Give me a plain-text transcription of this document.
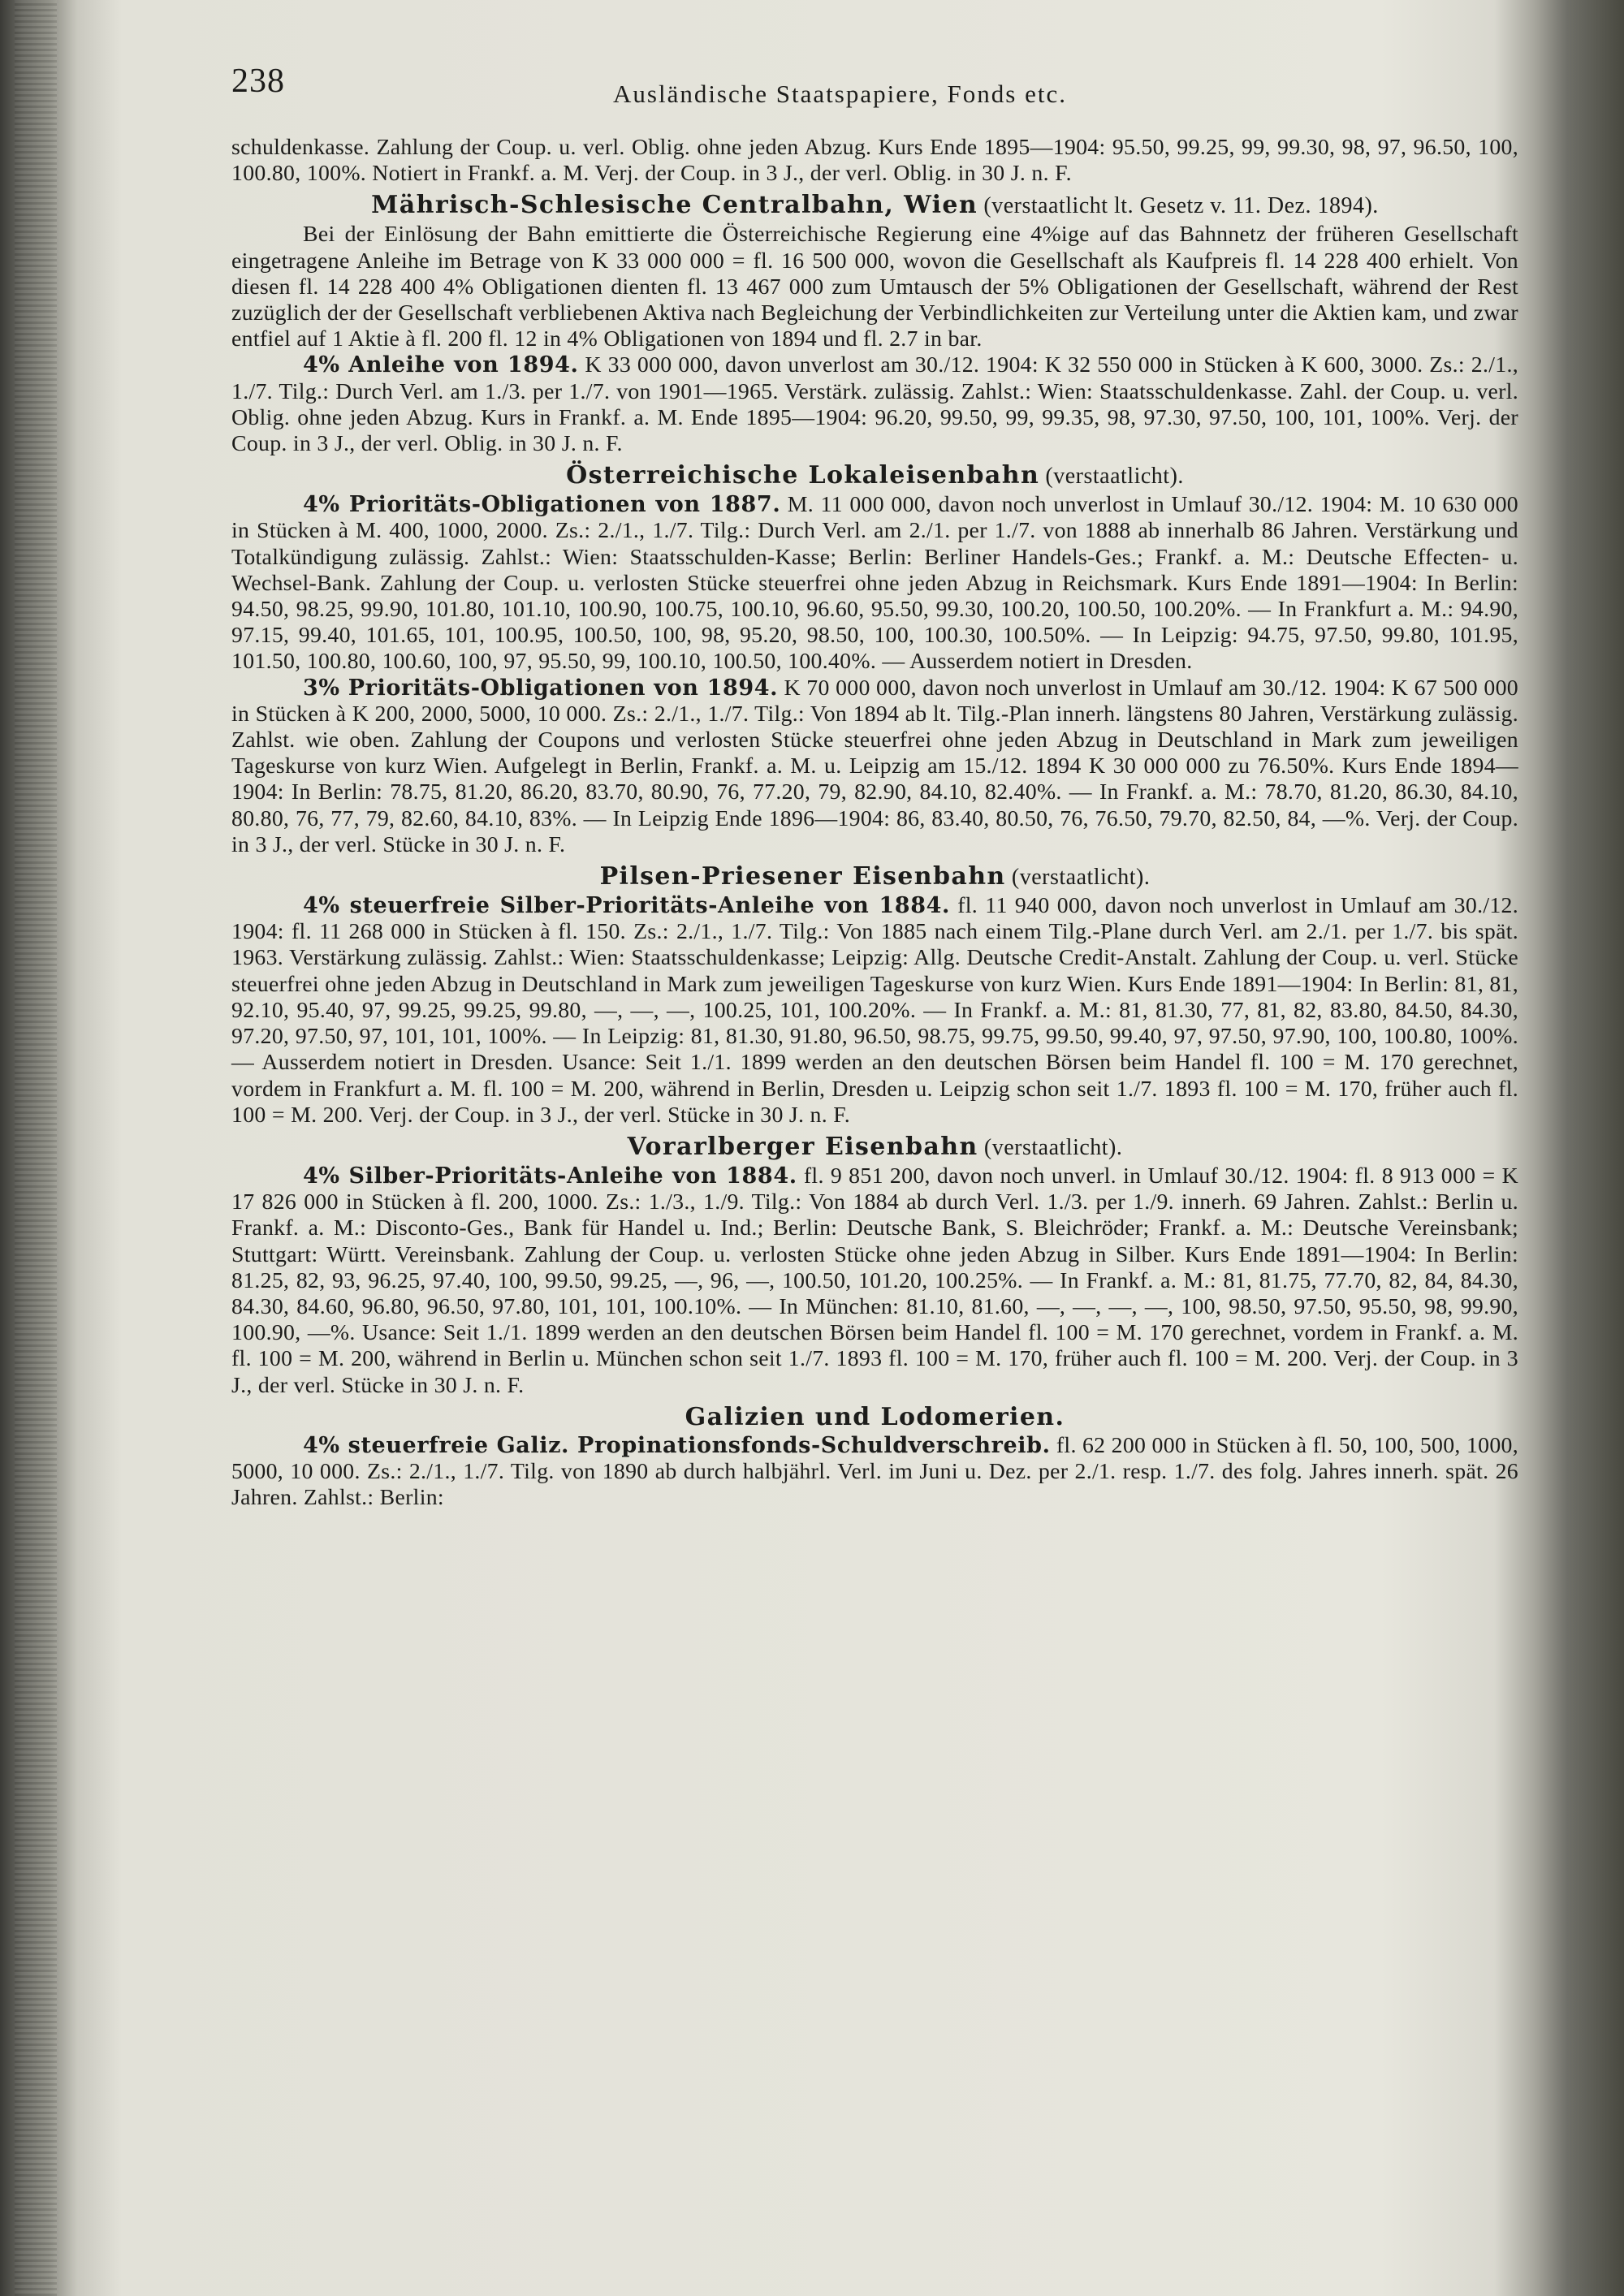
238	Ausländische Staatspapiere, Fonds etc.

schuldenkasse. Zahlung der Coup. u. verl. Oblig. ohne jeden Abzug. Kurs Ende 1895—1904: 95.50, 99.25, 99, 99.30, 98, 97, 96.50, 100, 100.80, 100%. Notiert in Frankf. a. M. Verj. der Coup. in 3 J., der verl. Oblig. in 30 J. n. F.

Mährisch-Schlesische Centralbahn, Wien (verstaatlicht lt. Gesetz v. 11. Dez. 1894).

Bei der Einlösung der Bahn emittierte die Österreichische Regierung eine 4%ige auf das Bahnnetz der früheren Gesellschaft eingetragene Anleihe im Betrage von K 33 000 000 = fl. 16 500 000, wovon die Gesellschaft als Kaufpreis fl. 14 228 400 erhielt. Von diesen fl. 14 228 400 4% Obligationen dienten fl. 13 467 000 zum Umtausch der 5% Obligationen der Gesellschaft, während der Rest zuzüglich der der Gesellschaft verbliebenen Aktiva nach Begleichung der Verbindlichkeiten zur Verteilung unter die Aktien kam, und zwar entfiel auf 1 Aktie à fl. 200 fl. 12 in 4% Obligationen von 1894 und fl. 2.7 in bar.

4% Anleihe von 1894. K 33 000 000, davon unverlost am 30./12. 1904: K 32 550 000 in Stücken à K 600, 3000. Zs.: 2./1., 1./7. Tilg.: Durch Verl. am 1./3. per 1./7. von 1901—1965. Verstärk. zulässig. Zahlst.: Wien: Staatsschuldenkasse. Zahl. der Coup. u. verl. Oblig. ohne jeden Abzug. Kurs in Frankf. a. M. Ende 1895—1904: 96.20, 99.50, 99, 99.35, 98, 97.30, 97.50, 100, 101, 100%. Verj. der Coup. in 3 J., der verl. Oblig. in 30 J. n. F.

Österreichische Lokaleisenbahn (verstaatlicht).

4% Prioritäts-Obligationen von 1887. M. 11 000 000, davon noch unverlost in Umlauf 30./12. 1904: M. 10 630 000 in Stücken à M. 400, 1000, 2000. Zs.: 2./1., 1./7. Tilg.: Durch Verl. am 2./1. per 1./7. von 1888 ab innerhalb 86 Jahren. Verstärkung und Totalkündigung zulässig. Zahlst.: Wien: Staatsschulden-Kasse; Berlin: Berliner Handels-Ges.; Frankf. a. M.: Deutsche Effecten- u. Wechsel-Bank. Zahlung der Coup. u. verlosten Stücke steuerfrei ohne jeden Abzug in Reichsmark. Kurs Ende 1891—1904: In Berlin: 94.50, 98.25, 99.90, 101.80, 101.10, 100.90, 100.75, 100.10, 96.60, 95.50, 99.30, 100.20, 100.50, 100.20%. — In Frankfurt a. M.: 94.90, 97.15, 99.40, 101.65, 101, 100.95, 100.50, 100, 98, 95.20, 98.50, 100, 100.30, 100.50%. — In Leipzig: 94.75, 97.50, 99.80, 101.95, 101.50, 100.80, 100.60, 100, 97, 95.50, 99, 100.10, 100.50, 100.40%. — Ausserdem notiert in Dresden.

3% Prioritäts-Obligationen von 1894. K 70 000 000, davon noch unverlost in Umlauf am 30./12. 1904: K 67 500 000 in Stücken à K 200, 2000, 5000, 10 000. Zs.: 2./1., 1./7. Tilg.: Von 1894 ab lt. Tilg.-Plan innerh. längstens 80 Jahren, Verstärkung zulässig. Zahlst. wie oben. Zahlung der Coupons und verlosten Stücke steuerfrei ohne jeden Abzug in Deutschland in Mark zum jeweiligen Tageskurse von kurz Wien. Aufgelegt in Berlin, Frankf. a. M. u. Leipzig am 15./12. 1894 K 30 000 000 zu 76.50%. Kurs Ende 1894—1904: In Berlin: 78.75, 81.20, 86.20, 83.70, 80.90, 76, 77.20, 79, 82.90, 84.10, 82.40%. — In Frankf. a. M.: 78.70, 81.20, 86.30, 84.10, 80.80, 76, 77, 79, 82.60, 84.10, 83%. — In Leipzig Ende 1896—1904: 86, 83.40, 80.50, 76, 76.50, 79.70, 82.50, 84, —%. Verj. der Coup. in 3 J., der verl. Stücke in 30 J. n. F.

Pilsen-Priesener Eisenbahn (verstaatlicht).

4% steuerfreie Silber-Prioritäts-Anleihe von 1884. fl. 11 940 000, davon noch unverlost in Umlauf am 30./12. 1904: fl. 11 268 000 in Stücken à fl. 150. Zs.: 2./1., 1./7. Tilg.: Von 1885 nach einem Tilg.-Plane durch Verl. am 2./1. per 1./7. bis spät. 1963. Verstärkung zulässig. Zahlst.: Wien: Staatsschuldenkasse; Leipzig: Allg. Deutsche Credit-Anstalt. Zahlung der Coup. u. verl. Stücke steuerfrei ohne jeden Abzug in Deutschland in Mark zum jeweiligen Tageskurse von kurz Wien. Kurs Ende 1891—1904: In Berlin: 81, 81, 92.10, 95.40, 97, 99.25, 99.25, 99.80, —, —, —, 100.25, 101, 100.20%. — In Frankf. a. M.: 81, 81.30, 77, 81, 82, 83.80, 84.50, 84.30, 97.20, 97.50, 97, 101, 101, 100%. — In Leipzig: 81, 81.30, 91.80, 96.50, 98.75, 99.75, 99.50, 99.40, 97, 97.50, 97.90, 100, 100.80, 100%. — Ausserdem notiert in Dresden. Usance: Seit 1./1. 1899 werden an den deutschen Börsen beim Handel fl. 100 = M. 170 gerechnet, vordem in Frankfurt a. M. fl. 100 = M. 200, während in Berlin, Dresden u. Leipzig schon seit 1./7. 1893 fl. 100 = M. 170, früher auch fl. 100 = M. 200. Verj. der Coup. in 3 J., der verl. Stücke in 30 J. n. F.

Vorarlberger Eisenbahn (verstaatlicht).

4% Silber-Prioritäts-Anleihe von 1884. fl. 9 851 200, davon noch unverl. in Umlauf 30./12. 1904: fl. 8 913 000 = K 17 826 000 in Stücken à fl. 200, 1000. Zs.: 1./3., 1./9. Tilg.: Von 1884 ab durch Verl. 1./3. per 1./9. innerh. 69 Jahren. Zahlst.: Berlin u. Frankf. a. M.: Disconto-Ges., Bank für Handel u. Ind.; Berlin: Deutsche Bank, S. Bleichröder; Frankf. a. M.: Deutsche Vereinsbank; Stuttgart: Württ. Vereinsbank. Zahlung der Coup. u. verlosten Stücke ohne jeden Abzug in Silber. Kurs Ende 1891—1904: In Berlin: 81.25, 82, 93, 96.25, 97.40, 100, 99.50, 99.25, —, 96, —, 100.50, 101.20, 100.25%. — In Frankf. a. M.: 81, 81.75, 77.70, 82, 84, 84.30, 84.30, 84.60, 96.80, 96.50, 97.80, 101, 101, 100.10%. — In München: 81.10, 81.60, —, —, —, —, 100, 98.50, 97.50, 95.50, 98, 99.90, 100.90, —%. Usance: Seit 1./1. 1899 werden an den deutschen Börsen beim Handel fl. 100 = M. 170 gerechnet, vordem in Frankf. a. M. fl. 100 = M. 200, während in Berlin u. München schon seit 1./7. 1893 fl. 100 = M. 170, früher auch fl. 100 = M. 200. Verj. der Coup. in 3 J., der verl. Stücke in 30 J. n. F.

Galizien und Lodomerien.

4% steuerfreie Galiz. Propinationsfonds-Schuldverschreib. fl. 62 200 000 in Stücken à fl. 50, 100, 500, 1000, 5000, 10 000. Zs.: 2./1., 1./7. Tilg. von 1890 ab durch halbjährl. Verl. im Juni u. Dez. per 2./1. resp. 1./7. des folg. Jahres innerh. spät. 26 Jahren. Zahlst.: Berlin:
